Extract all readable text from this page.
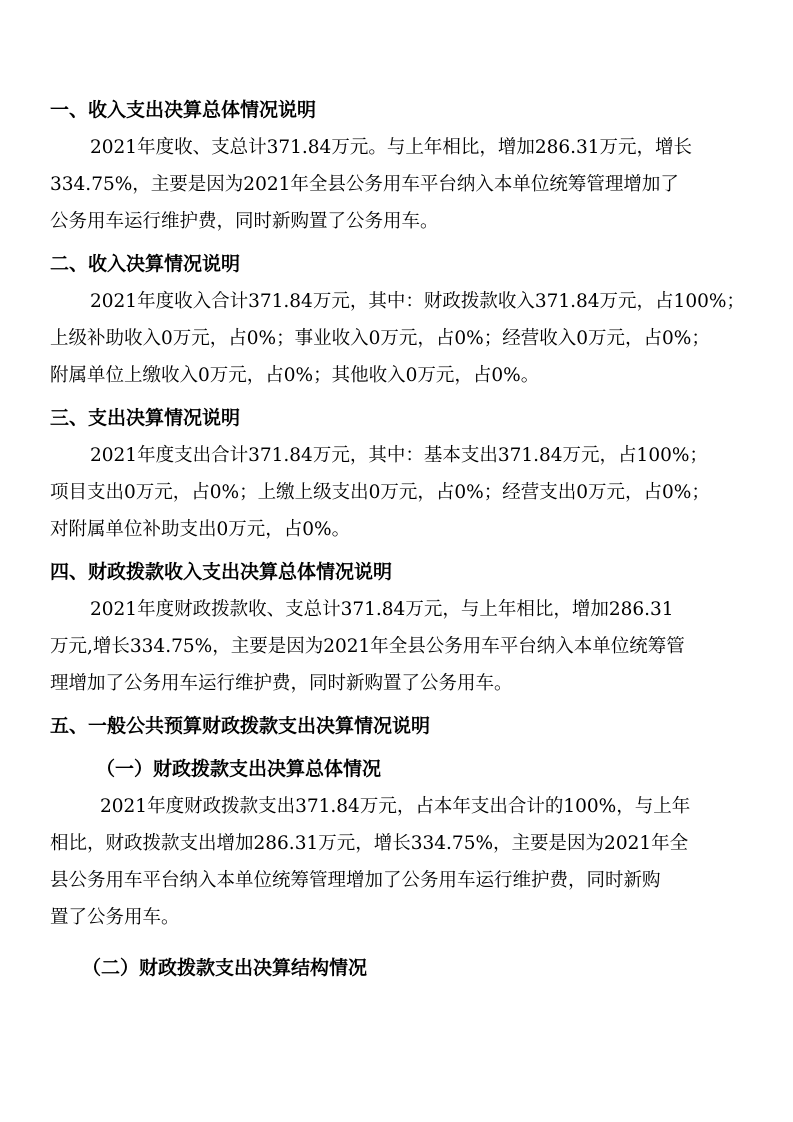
一、收入支出决算总体情况说明

2021年度收、支总计371.84万元。与上年相比，增加286.31万元，增长
334.75%，主要是因为2021年全县公务用车平台纳入本单位统筹管理增加了
公务用车运行维护费，同时新购置了公务用车。

二、收入决算情况说明

2021年度收入合计371.84万元，其中：财政拨款收入371.84万元，占100%；
上级补助收入0万元，占0%；事业收入0万元，占0%；经营收入0万元，占0%；
附属单位上缴收入0万元，占0%；其他收入0万元，占0%。

三、支出决算情况说明

2021年度支出合计371.84万元，其中：基本支出371.84万元，占100%；
项目支出0万元，占0%；上缴上级支出0万元，占0%；经营支出0万元，占0%；
对附属单位补助支出0万元，占0%。

四、财政拨款收入支出决算总体情况说明

2021年度财政拨款收、支总计371.84万元，与上年相比，增加286.31
万元,增长334.75%，主要是因为2021年全县公务用车平台纳入本单位统筹管
理增加了公务用车运行维护费，同时新购置了公务用车。

五、一般公共预算财政拨款支出决算情况说明
（一）财政拨款支出决算总体情况

2021年度财政拨款支出371.84万元，占本年支出合计的100%，与上年
相比，财政拨款支出增加286.31万元，增长334.75%，主要是因为2021年全
县公务用车平台纳入本单位统筹管理增加了公务用车运行维护费，同时新购
置了公务用车。

（二）财政拨款支出决算结构情况
